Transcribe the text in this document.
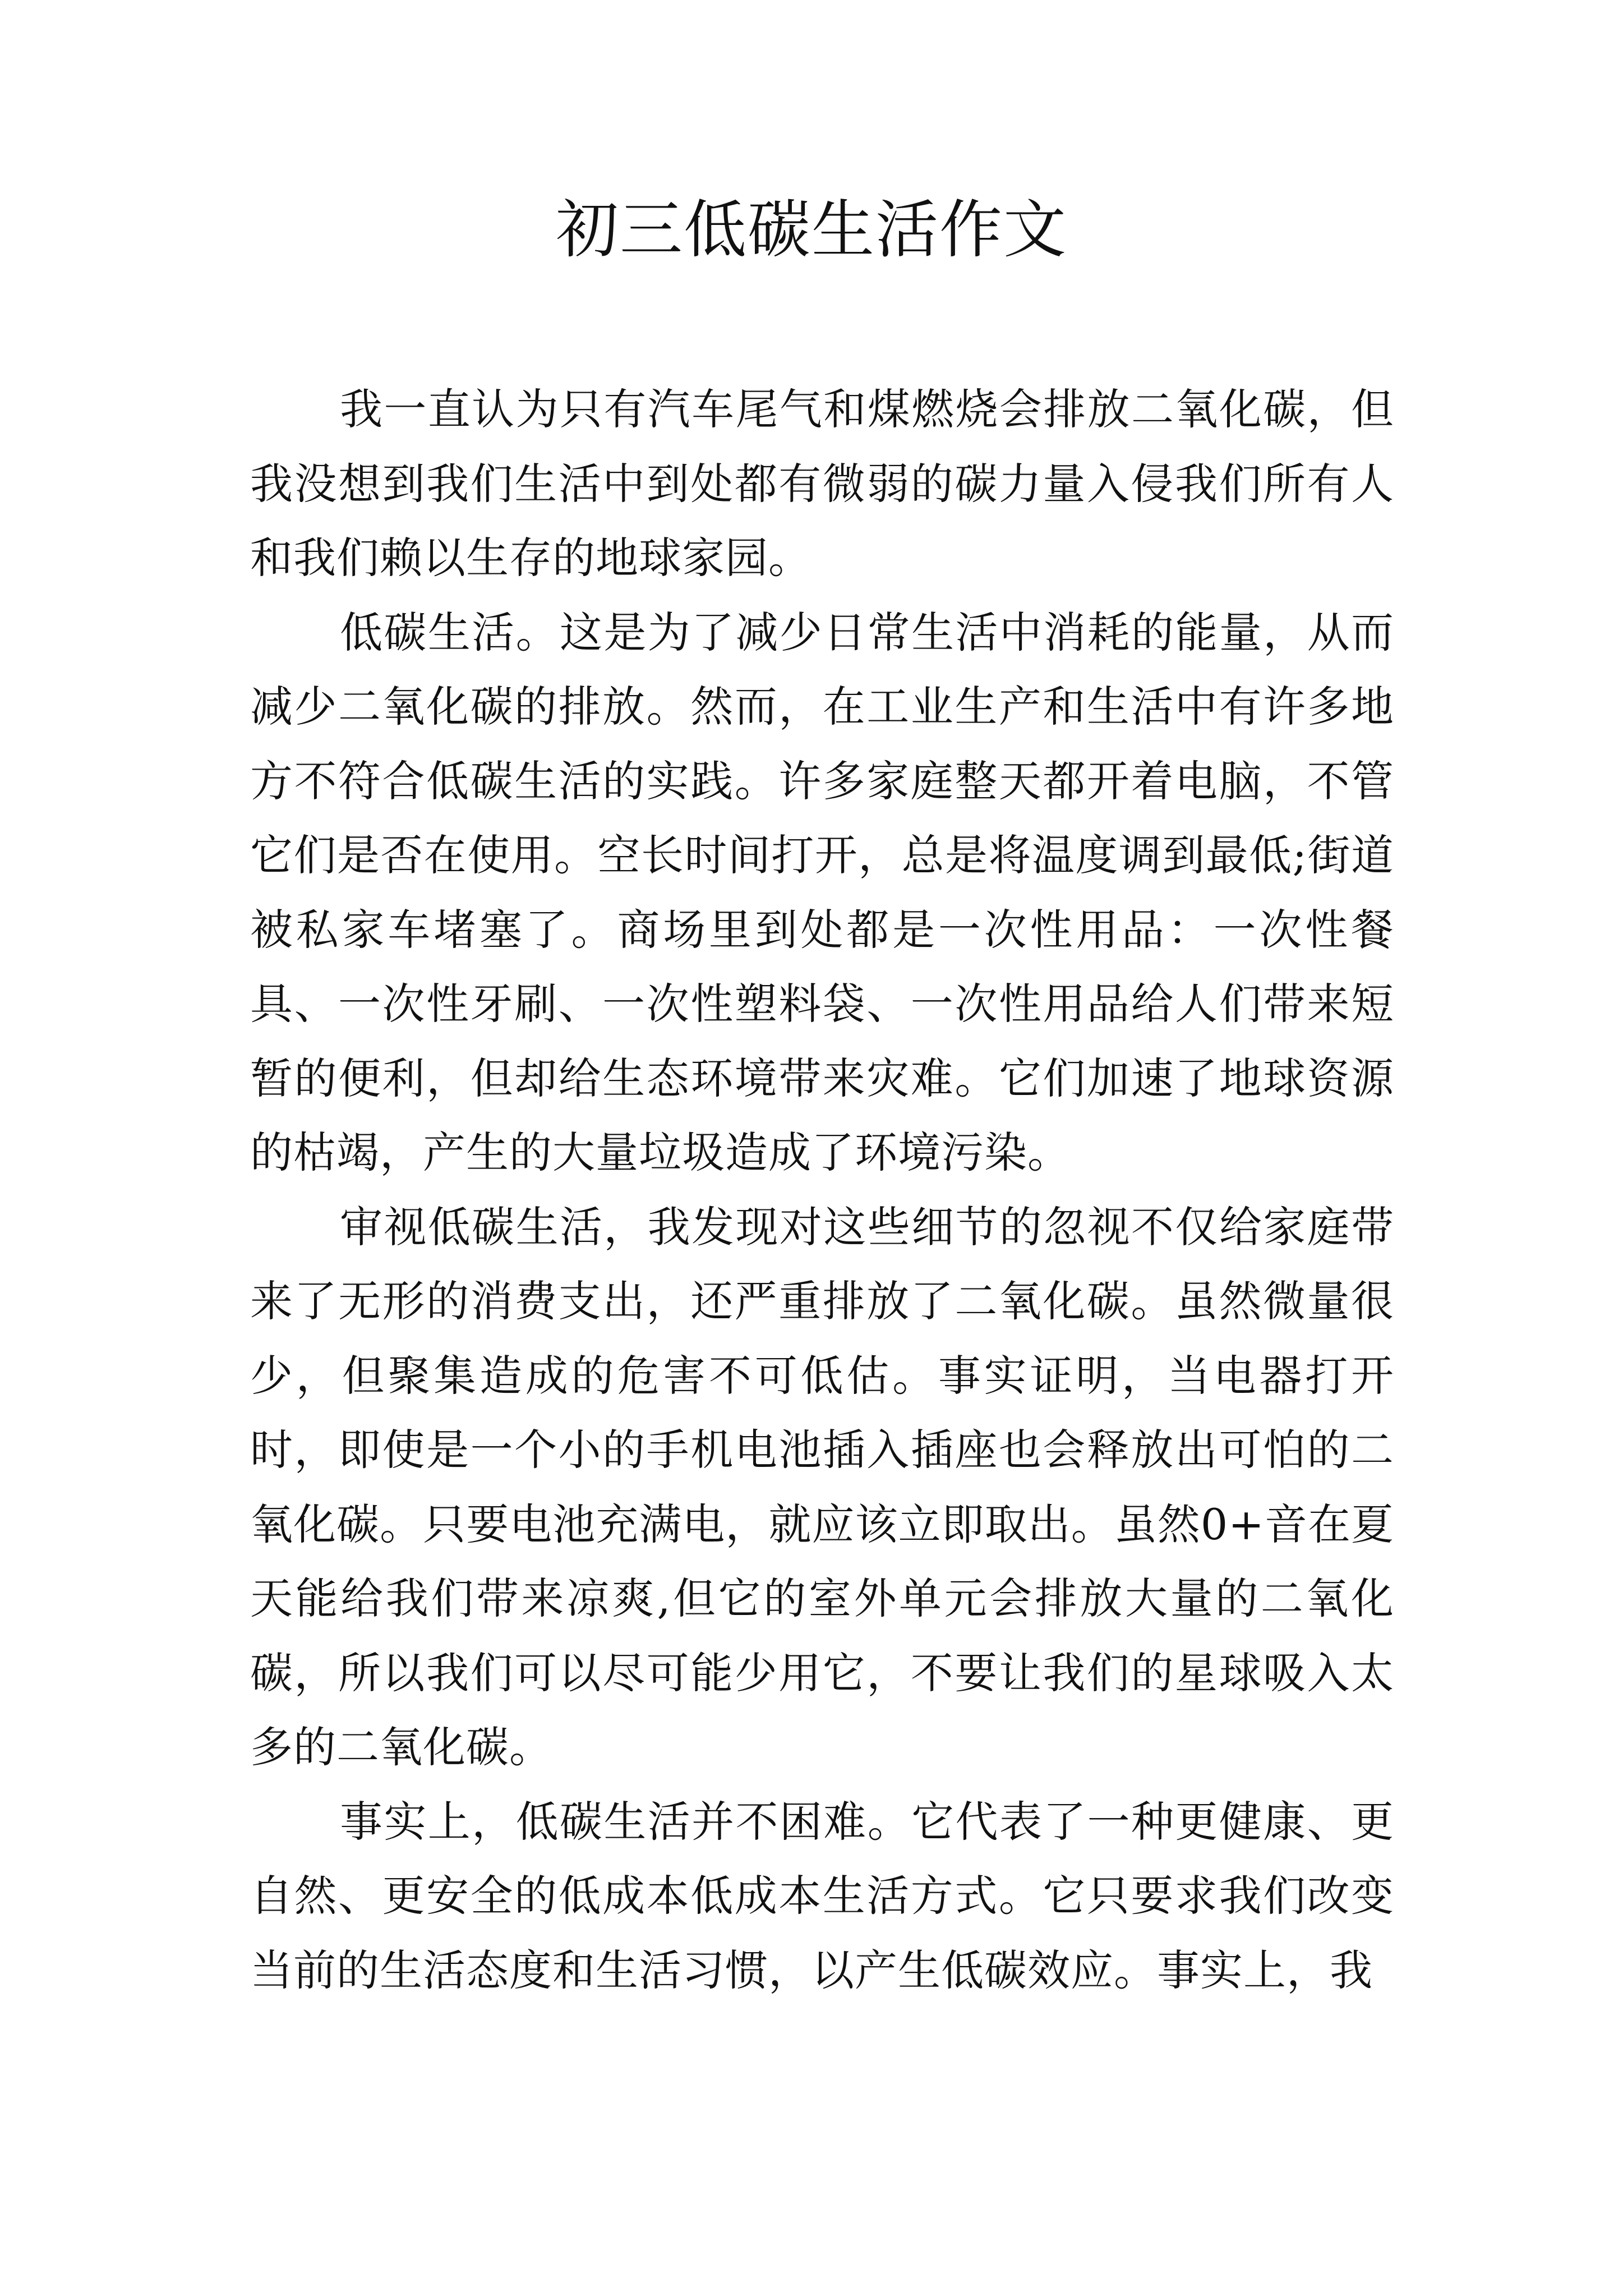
初三低碳生活作文

我一直认为只有汽车尾气和煤燃烧会排放二氧化碳，但我没想到我们生活中到处都有微弱的碳力量入侵我们所有人和我们赖以生存的地球家园。

低碳生活。这是为了减少日常生活中消耗的能量，从而减少二氧化碳的排放。然而，在工业生产和生活中有许多地方不符合低碳生活的实践。许多家庭整天都开着电脑，不管它们是否在使用。空长时间打开，总是将温度调到最低;街道被私家车堵塞了。商场里到处都是一次性用品：一次性餐具、一次性牙刷、一次性塑料袋、一次性用品给人们带来短暂的便利，但却给生态环境带来灾难。它们加速了地球资源的枯竭，产生的大量垃圾造成了环境污染。

审视低碳生活，我发现对这些细节的忽视不仅给家庭带来了无形的消费支出，还严重排放了二氧化碳。虽然微量很少，但聚集造成的危害不可低估。事实证明，当电器打开时，即使是一个小的手机电池插入插座也会释放出可怕的二氧化碳。只要电池充满电，就应该立即取出。虽然0+音在夏天能给我们带来凉爽,但它的室外单元会排放大量的二氧化碳，所以我们可以尽可能少用它，不要让我们的星球吸入太多的二氧化碳。

事实上，低碳生活并不困难。它代表了一种更健康、更自然、更安全的低成本低成本生活方式。它只要求我们改变当前的生活态度和生活习惯，以产生低碳效应。事实上，我
